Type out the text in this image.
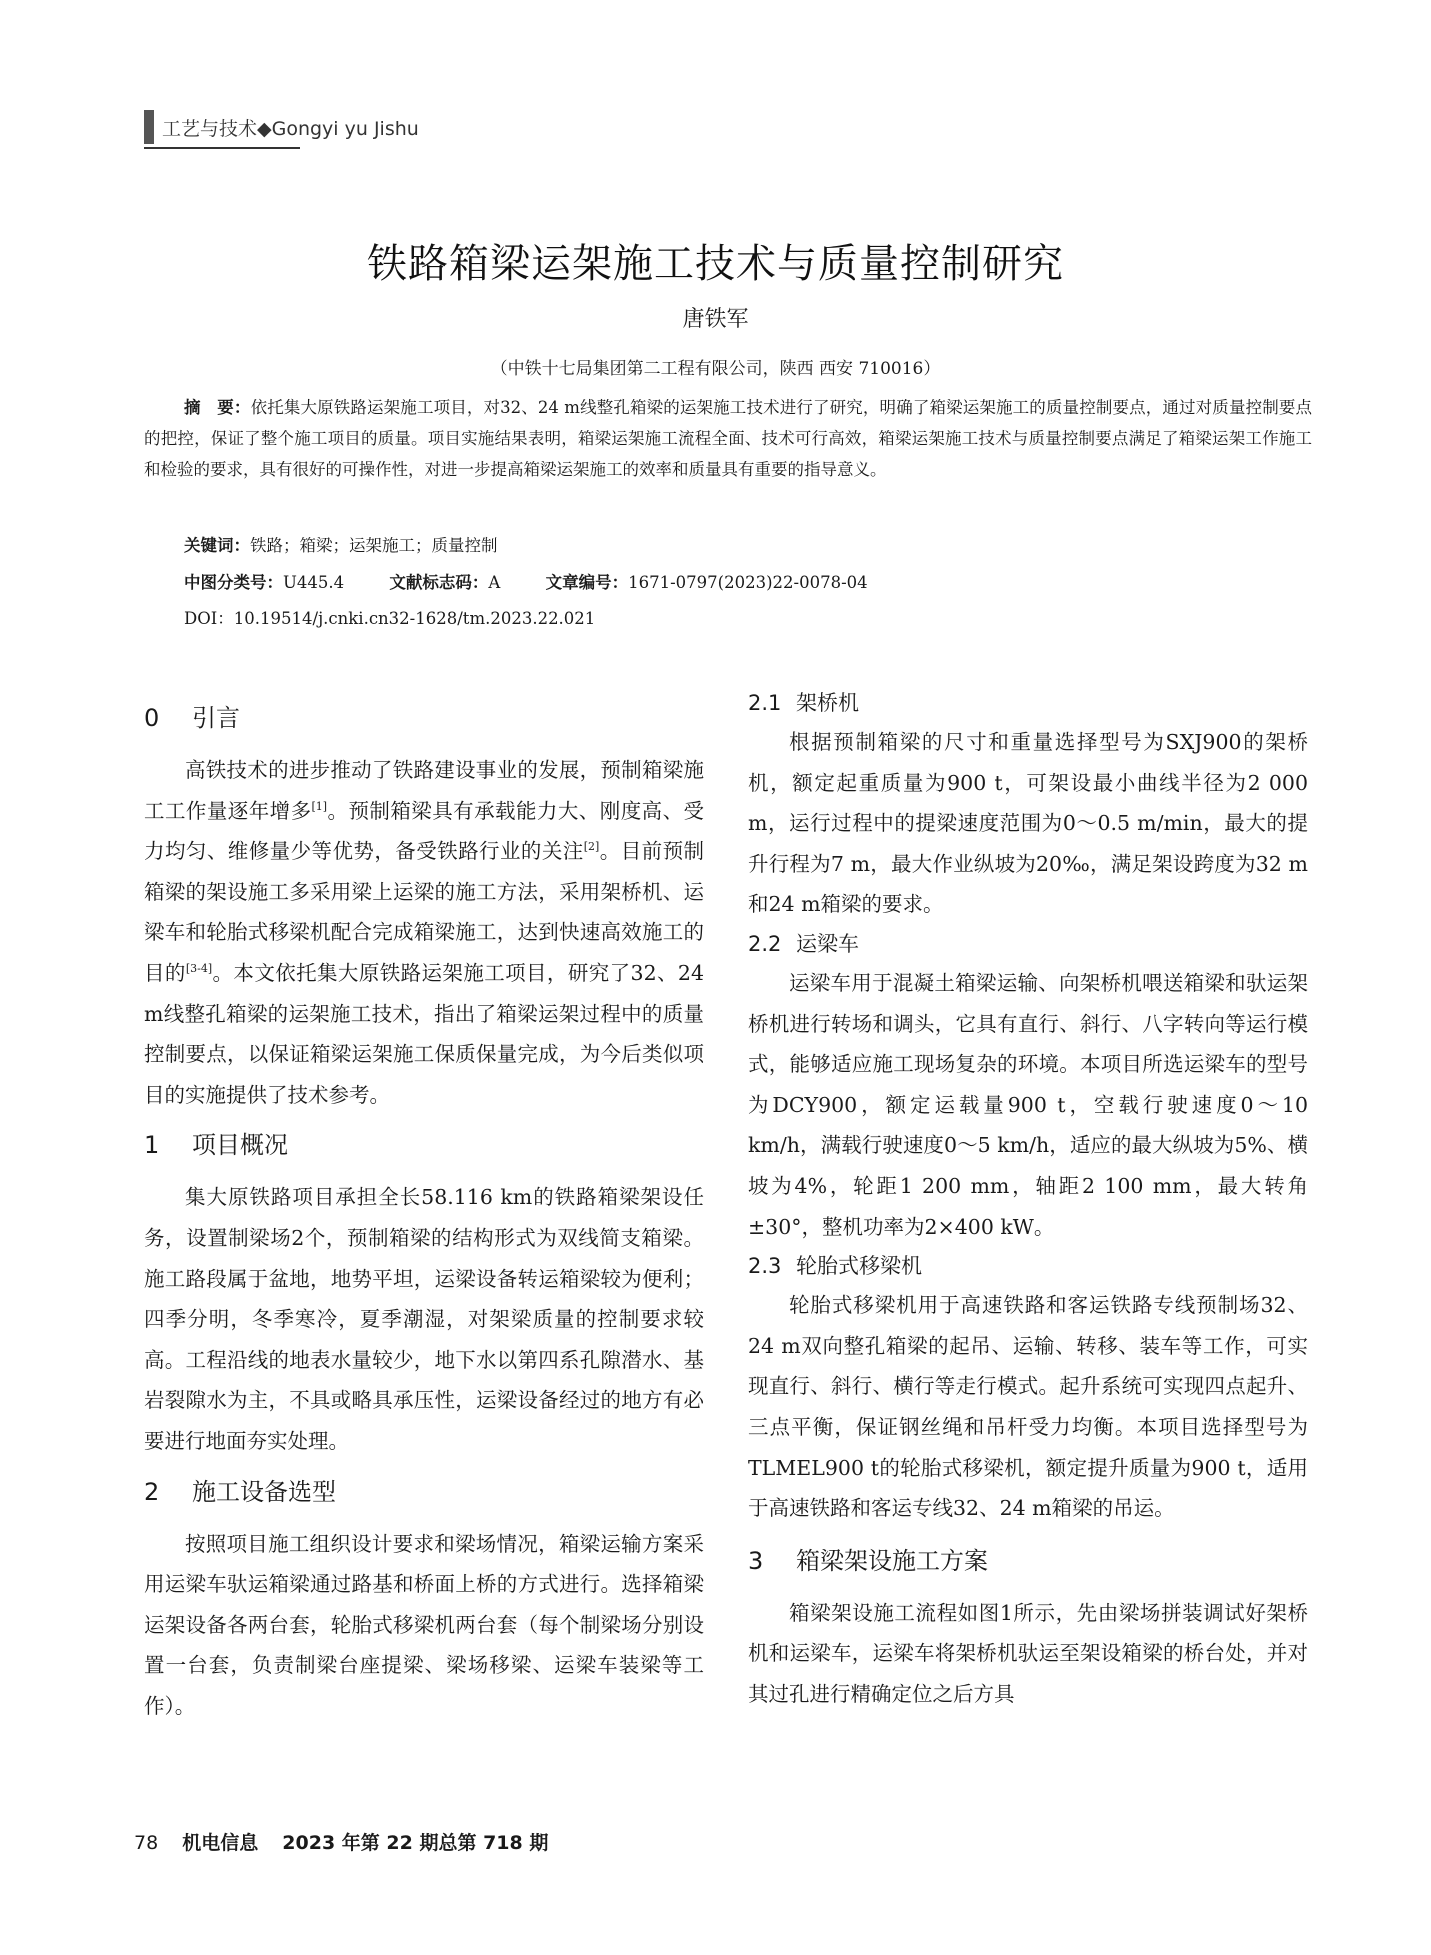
工艺与技术◆Gongyi yu Jishu
铁路箱梁运架施工技术与质量控制研究
唐铁军
（中铁十七局集团第二工程有限公司，陕西 西安 710016）
摘　要：依托集大原铁路运架施工项目，对32、24 m线整孔箱梁的运架施工技术进行了研究，明确了箱梁运架施工的质量控制要点，通过对质量控制要点的把控，保证了整个施工项目的质量。项目实施结果表明，箱梁运架施工流程全面、技术可行高效，箱梁运架施工技术与质量控制要点满足了箱梁运架工作施工和检验的要求，具有很好的可操作性，对进一步提高箱梁运架施工的效率和质量具有重要的指导意义。
关键词：铁路；箱梁；运架施工；质量控制
中图分类号：U445.4	文献标志码：A	文章编号：1671-0797(2023)22-0078-04
DOI：10.19514/j.cnki.cn32-1628/tm.2023.22.021
0 引言

高铁技术的进步推动了铁路建设事业的发展，预制箱梁施工工作量逐年增多[1]。预制箱梁具有承载能力大、刚度高、受力均匀、维修量少等优势，备受铁路行业的关注[2]。目前预制箱梁的架设施工多采用梁上运梁的施工方法，采用架桥机、运梁车和轮胎式移梁机配合完成箱梁施工，达到快速高效施工的目的[3-4]。本文依托集大原铁路运架施工项目，研究了32、24 m线整孔箱梁的运架施工技术，指出了箱梁运架过程中的质量控制要点，以保证箱梁运架施工保质保量完成，为今后类似项目的实施提供了技术参考。

1 项目概况

集大原铁路项目承担全长58.116 km的铁路箱梁架设任务，设置制梁场2个，预制箱梁的结构形式为双线简支箱梁。施工路段属于盆地，地势平坦，运梁设备转运箱梁较为便利；四季分明，冬季寒冷，夏季潮湿，对架梁质量的控制要求较高。工程沿线的地表水量较少，地下水以第四系孔隙潜水、基岩裂隙水为主，不具或略具承压性，运梁设备经过的地方有必要进行地面夯实处理。

2 施工设备选型

按照项目施工组织设计要求和梁场情况，箱梁运输方案采用运梁车驮运箱梁通过路基和桥面上桥的方式进行。选择箱梁运架设备各两台套，轮胎式移梁机两台套（每个制梁场分别设置一台套，负责制梁台座提梁、梁场移梁、运梁车装梁等工作）。

2.1 架桥机

根据预制箱梁的尺寸和重量选择型号为SXJ900的架桥机，额定起重质量为900 t，可架设最小曲线半径为2 000 m，运行过程中的提梁速度范围为0～0.5 m/min，最大的提升行程为7 m，最大作业纵坡为20‰，满足架设跨度为32 m和24 m箱梁的要求。

2.2 运梁车

运梁车用于混凝土箱梁运输、向架桥机喂送箱梁和驮运架桥机进行转场和调头，它具有直行、斜行、八字转向等运行模式，能够适应施工现场复杂的环境。本项目所选运梁车的型号为DCY900，额定运载量900 t，空载行驶速度0～10 km/h，满载行驶速度0～5 km/h，适应的最大纵坡为5%、横坡为4%，轮距1 200 mm，轴距2 100 mm，最大转角±30°，整机功率为2×400 kW。

2.3 轮胎式移梁机

轮胎式移梁机用于高速铁路和客运铁路专线预制场32、24 m双向整孔箱梁的起吊、运输、转移、装车等工作，可实现直行、斜行、横行等走行模式。起升系统可实现四点起升、三点平衡，保证钢丝绳和吊杆受力均衡。本项目选择型号为TLMEL900 t的轮胎式移梁机，额定提升质量为900 t，适用于高速铁路和客运专线32、24 m箱梁的吊运。

3 箱梁架设施工方案

箱梁架设施工流程如图1所示，先由梁场拼装调试好架桥机和运梁车，运梁车将架桥机驮运至架设箱梁的桥台处，并对其过孔进行精确定位之后方具

78 机电信息 2023 年第 22 期总第 718 期
